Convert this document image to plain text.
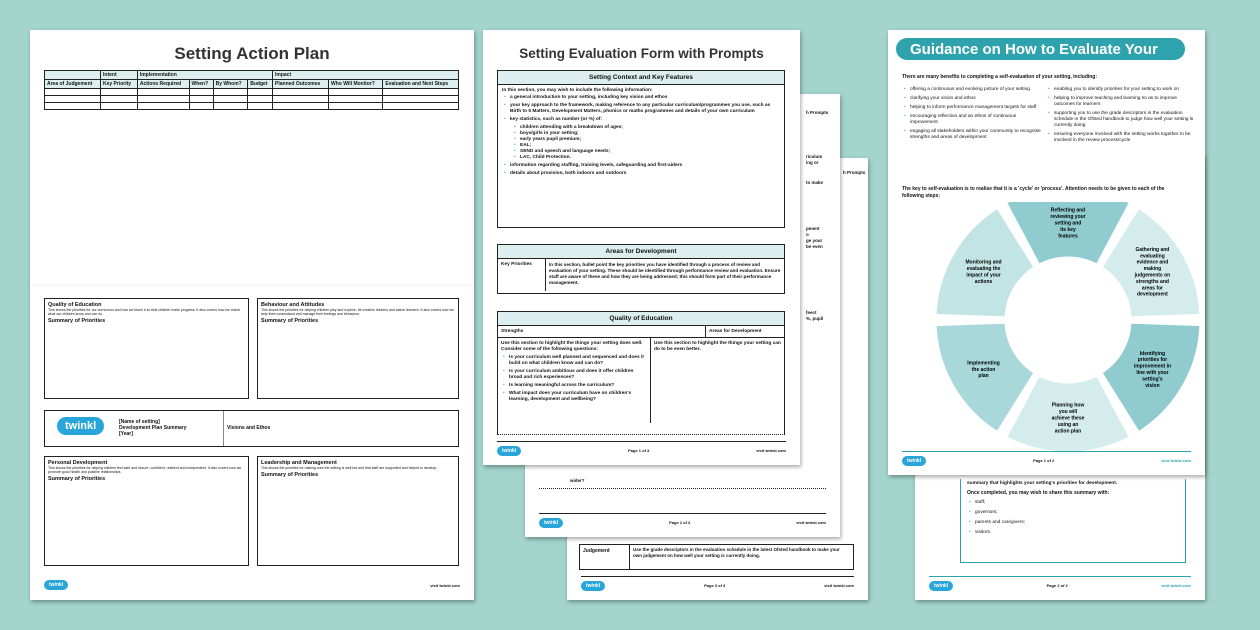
Setting Action Plan
	Intent	Implementation				Impact		
Area of Judgement	Key Priority	Actions Required	When?	By Whom?	Budget	Planned Outcomes	Who Will Monitor?	Evaluation and Next Steps

Quality of Education
This shows the priorities for our curriculum and how we teach it so that children make progress. It also covers how we check what our children know and can do.
Summary of Priorities
Behaviour and Attitudes
This shows the priorities for helping children play and explore, be creative thinkers and active learners. It also covers how we help them understand and manage their feelings and behaviour.
Summary of Priorities
twinkl	[Name of setting]
Development Plan Summary
[Year]
Visions and Ethos
Personal Development
This shows the priorities for helping children feel safe and secure, confident, resilient and independent. It also covers how we promote good health and positive relationships.
Summary of Priorities
Leadership and Management
This shows the priorities for making sure the setting is well-led and that staff are supported and helped to develop.
Summary of Priorities
twinkl	visit twinkl.com
h Prompts
Judgement	Use the grade descriptors in the evaluation schedule in the latest Ofsted handbook to make your own judgement on how well your setting is currently doing.
twinkl	Page 3 of 3	visit twinkl.com
h Prompts
riculum
ing or
to make
pment
o
ge your
be even
feect
%, pupil
wider?
twinkl	Page 2 of 3	visit twinkl.com
Setting Evaluation Form with Prompts
Setting Context and Key Features
In this section, you may wish to include the following information:
• a general introduction to your setting, including key vision and ethos
• your key approach to the framework, making reference to any particular curriculum/programmes you use, such as Birth to 5 Matters, Development Matters, phonics or maths programmes and details of your own curriculum
• key statistics, such as number (or %) of:
• children attending with a breakdown of ages;
• boys/girls in your setting;
• early years pupil premium;
• EAL;
• SEND and speech and language needs;
• LAC, Child Protection.
• information regarding staffing, training levels, safeguarding and first-aiders
• details about provision, both indoors and outdoors
Areas for Development
Key Priorities	In this section, bullet point the key priorities you have identified through a process of review and evaluation of your setting. These should be identified through performance review and evaluation. Ensure staff are aware of these and how they are being addressed; this should form part of their performance management.
Quality of Education
Strengths	Areas for Development
Use this section to highlight the things your setting does well. Consider some of the following questions:
• Is your curriculum well planned and sequenced and does it build on what children know and can do?
• Is your curriculum ambitious and does it offer children broad and rich experiences?
• Is learning meaningful across the curriculum?
• What impact does your curriculum have on children's learning, development and wellbeing?
Use this section to highlight the things your setting can do to be even better.
twinkl	Page 1 of 3	visit twinkl.com
summary that highlights your setting's priorities for development.
Once completed, you may wish to share this summary with:
• staff;
• governors;
• parents and caregivers;
• visitors.
twinkl	Page 2 of 2	visit twinkl.com
Guidance on How to Evaluate Your Setting
There are many benefits to completing a self-evaluation of your setting, including:
• offering a continuous and evolving picture of your setting
• clarifying your vision and ethos
• helping to inform performance management targets for staff
• encouraging reflection and an ethos of continuous improvement
• engaging all stakeholders within your community to recognise strengths and areas of development
• enabling you to identify priorities for your setting to work on
• helping to improve teaching and learning so as to improve outcomes for learners
• supporting you to use the grade descriptors in the evaluation schedule in the Ofsted handbook to judge how well your setting is currently doing
• ensuring everyone involved with the setting works together to be involved in the review process/cycle
The key to self-evaluation is to realise that it is a 'cycle' or 'process'. Attention needs to be given to each of the following steps:
Reflecting and reviewing your setting and its key features
Gathering and evaluating evidence and making judgements on strengths and areas for development
Identifying priorities for improvement in line with your setting's vision
Planning how you will achieve these using an action plan
Implementing the action plan
Monitoring and evaluating the impact of your actions
twinkl	Page 1 of 2	visit twinkl.com
